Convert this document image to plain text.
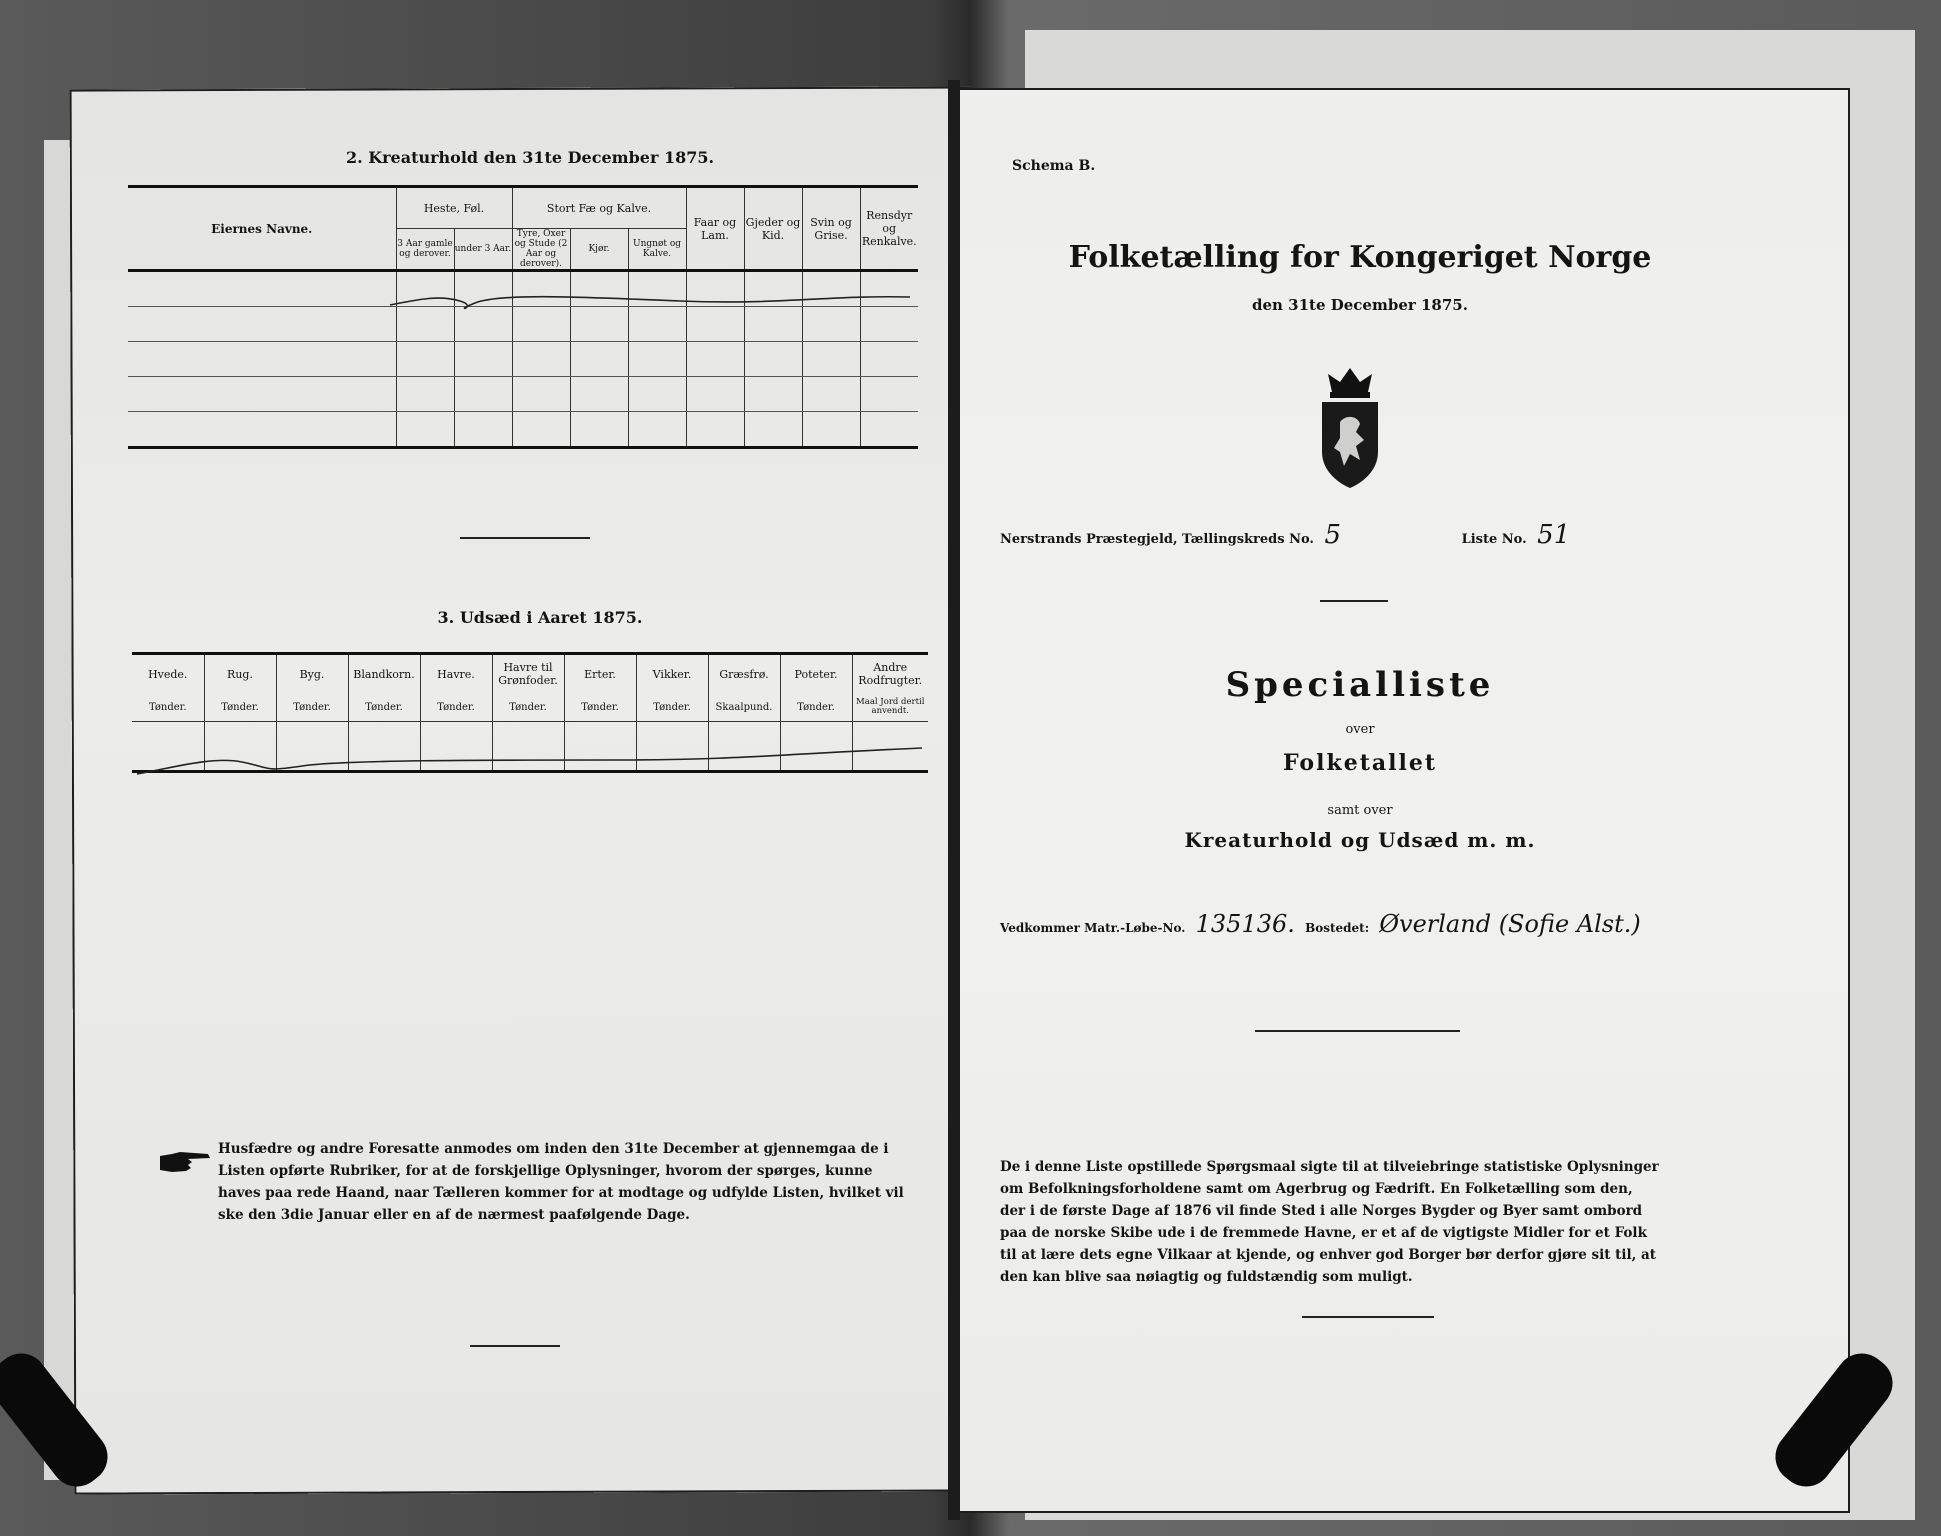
2. Kreaturhold den 31te December 1875.
Eiernes Navne.	Heste, Føl.		Stort Fæ og Kalve.			Faar og Lam.	Gjeder og Kid.	Svin og Grise.	Rensdyr og Renkalve.
	3 Aar gamle og derover.	under 3 Aar.	Tyre, Oxer og Stude (2 Aar og derover).	Kjør.	Ungnøt og Kalve.				

3. Udsæd i Aaret 1875.
Hvede.	Rug.	Byg.	Blandkorn.	Havre.	Havre til Grønfoder.	Erter.	Vikker.	Græsfrø.	Poteter.	Andre Rodfrugter.
Tønder.	Tønder.	Tønder.	Tønder.	Tønder.	Tønder.	Tønder.	Tønder.	Skaalpund.	Tønder.	Maal Jord dertil anvendt.

Husfædre og andre Foresatte anmodes om inden den 31te December at gjennemgaa de i Listen opførte Rubriker, for at de forskjellige Oplysninger, hvorom der spørges, kunne haves paa rede Haand, naar Tælleren kommer for at modtage og udfylde Listen, hvilket vil ske den 3die Januar eller en af de nærmest paafølgende Dage.
Schema B.
Folketælling for Kongeriget Norge
den 31te December 1875.
Nerstrands Præstegjeld, Tællingskreds No. 5	Liste No. 51
Specialliste
over
Folketallet
samt over
Kreaturhold og Udsæd m. m.
Vedkommer Matr.-Løbe-No. 135136. Bostedet: Øverland (Sofie Alst.)
De i denne Liste opstillede Spørgsmaal sigte til at tilveiebringe statistiske Oplysninger om Befolkningsforholdene samt om Agerbrug og Fædrift. En Folketælling som den, der i de første Dage af 1876 vil finde Sted i alle Norges Bygder og Byer samt ombord paa de norske Skibe ude i de fremmede Havne, er et af de vigtigste Midler for et Folk til at lære dets egne Vilkaar at kjende, og enhver god Borger bør derfor gjøre sit til, at den kan blive saa nøiagtig og fuldstændig som muligt.
